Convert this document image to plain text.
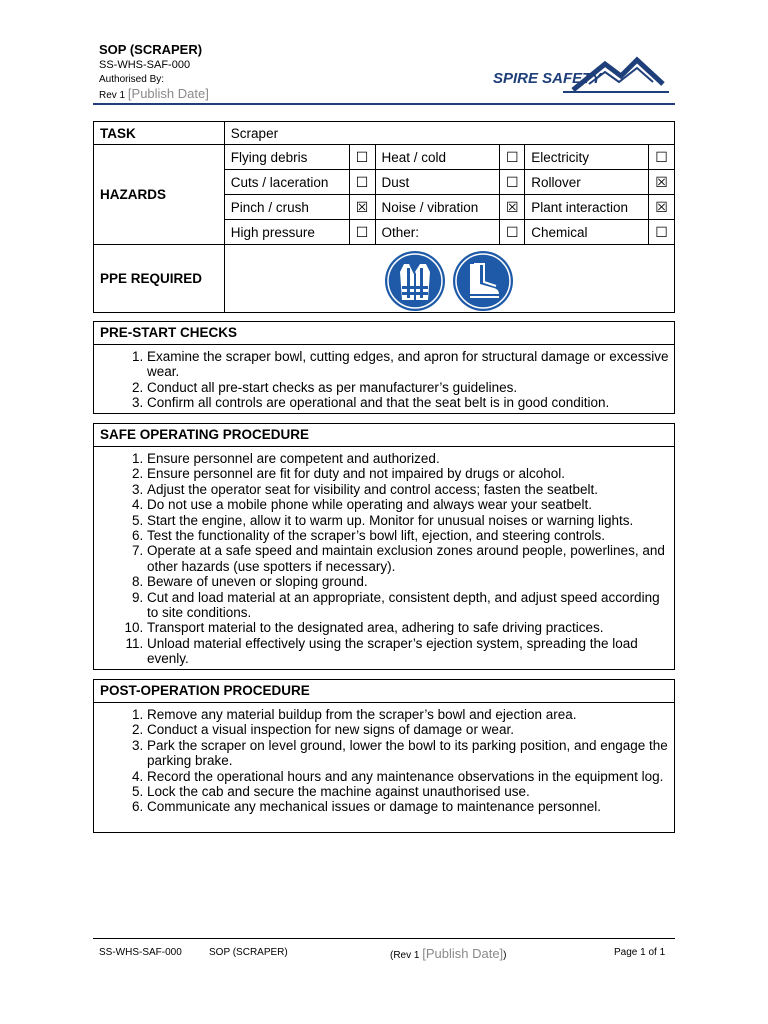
SOP (SCRAPER)
SS-WHS-SAF-000
Authorised By:
Rev 1 [Publish Date]
SPIRE SAFETY
TASK	Scraper					
HAZARDS	Flying debris	☐	Heat / cold	☐	Electricity	☐
	Cuts / laceration	☐	Dust	☐	Rollover	☒
	Pinch / crush	☒	Noise / vibration	☒	Plant interaction	☒
	High pressure	☐	Other:	☐	Chemical	☐
PPE REQUIRED	
PRE-START CHECKS
1. Examine the scraper bowl, cutting edges, and apron for structural damage or excessive wear.
2. Conduct all pre-start checks as per manufacturer’s guidelines.
3. Confirm all controls are operational and that the seat belt is in good condition.
SAFE OPERATING PROCEDURE
1. Ensure personnel are competent and authorized.
2. Ensure personnel are fit for duty and not impaired by drugs or alcohol.
3. Adjust the operator seat for visibility and control access; fasten the seatbelt.
4. Do not use a mobile phone while operating and always wear your seatbelt.
5. Start the engine, allow it to warm up. Monitor for unusual noises or warning lights.
6. Test the functionality of the scraper’s bowl lift, ejection, and steering controls.
7. Operate at a safe speed and maintain exclusion zones around people, powerlines, and other hazards (use spotters if necessary).
8. Beware of uneven or sloping ground.
9. Cut and load material at an appropriate, consistent depth, and adjust speed according to site conditions.
10. Transport material to the designated area, adhering to safe driving practices.
11. Unload material effectively using the scraper’s ejection system, spreading the load evenly.
POST-OPERATION PROCEDURE
1. Remove any material buildup from the scraper’s bowl and ejection area.
2. Conduct a visual inspection for new signs of damage or wear.
3. Park the scraper on level ground, lower the bowl to its parking position, and engage the parking brake.
4. Record the operational hours and any maintenance observations in the equipment log.
5. Lock the cab and secure the machine against unauthorised use.
6. Communicate any mechanical issues or damage to maintenance personnel.
SS-WHS-SAF-000	SOP (SCRAPER)	(Rev 1 [Publish Date])	Page 1 of 1
